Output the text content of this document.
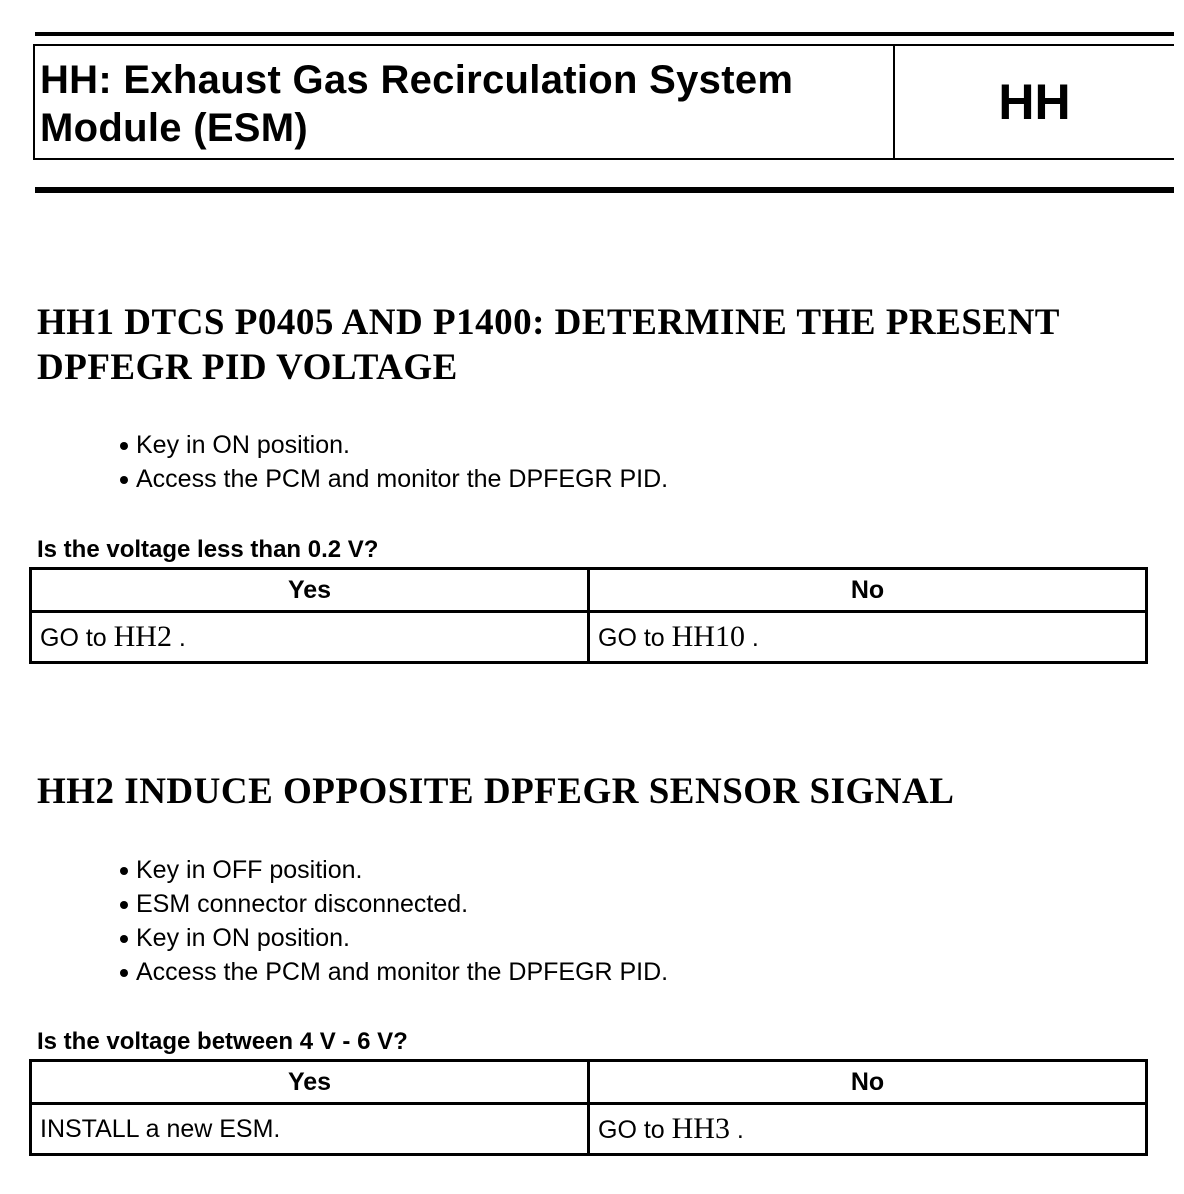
HH: Exhaust Gas Recirculation System Module (ESM)	HH
HH1 DTCS P0405 AND P1400: DETERMINE THE PRESENT DPFEGR PID VOLTAGE
Key in ON position.
Access the PCM and monitor the DPFEGR PID.
Is the voltage less than 0.2 V?
Yes	No
GO to HH2 .	GO to HH10 .
HH2 INDUCE OPPOSITE DPFEGR SENSOR SIGNAL
Key in OFF position.
ESM connector disconnected.
Key in ON position.
Access the PCM and monitor the DPFEGR PID.
Is the voltage between 4 V - 6 V?
Yes	No
INSTALL a new ESM.	GO to HH3 .
